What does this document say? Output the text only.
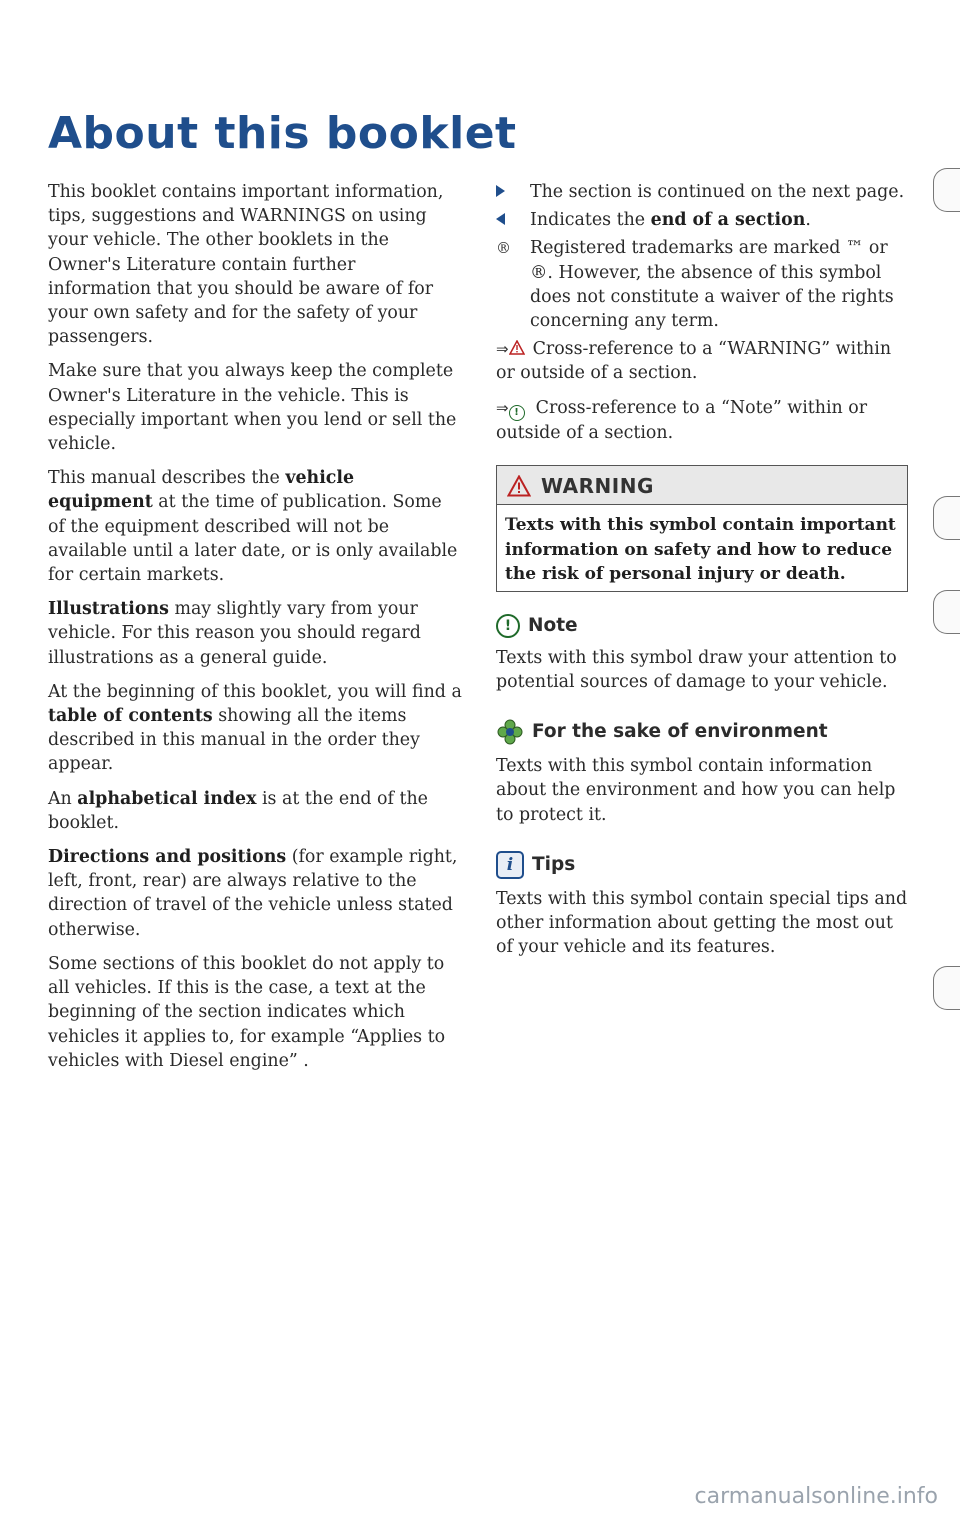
About this booklet

This booklet contains important information, tips, suggestions and WARNINGS on using your vehicle. The other booklets in the Owner's Literature contain further information that you should be aware of for your own safety and for the safety of your passengers.

Make sure that you always keep the complete Owner's Literature in the vehicle. This is especially important when you lend or sell the vehicle.

This manual describes the vehicle equipment at the time of publication. Some of the equipment described will not be available until a later date, or is only available for certain markets.

Illustrations may slightly vary from your vehicle. For this reason you should regard illustrations as a general guide.

At the beginning of this booklet, you will find a table of contents showing all the items described in this manual in the order they appear.

An alphabetical index is at the end of the booklet.

Directions and positions (for example right, left, front, rear) are always relative to the direction of travel of the vehicle unless stated otherwise.

Some sections of this booklet do not apply to all vehicles. If this is the case, a text at the beginning of the section indicates which vehicles it applies to, for example “Applies to vehicles with Diesel engine” .

The section is continued on the next page.
Indicates the end of a section.
® Registered trademarks are marked ™ or ®. However, the absence of this symbol does not constitute a waiver of the rights concerning any term.

⇒ Cross-reference to a “WARNING” within or outside of a section.

⇒ ! Cross-reference to a “Note” within or outside of a section.

WARNING
Texts with this symbol contain important information on safety and how to reduce the risk of personal injury or death.
! Note
Texts with this symbol draw your attention to potential sources of damage to your vehicle.
For the sake of environment
Texts with this symbol contain information about the environment and how you can help to protect it.
i Tips
Texts with this symbol contain special tips and other information about getting the most out of your vehicle and its features.
carmanualsonline.info
